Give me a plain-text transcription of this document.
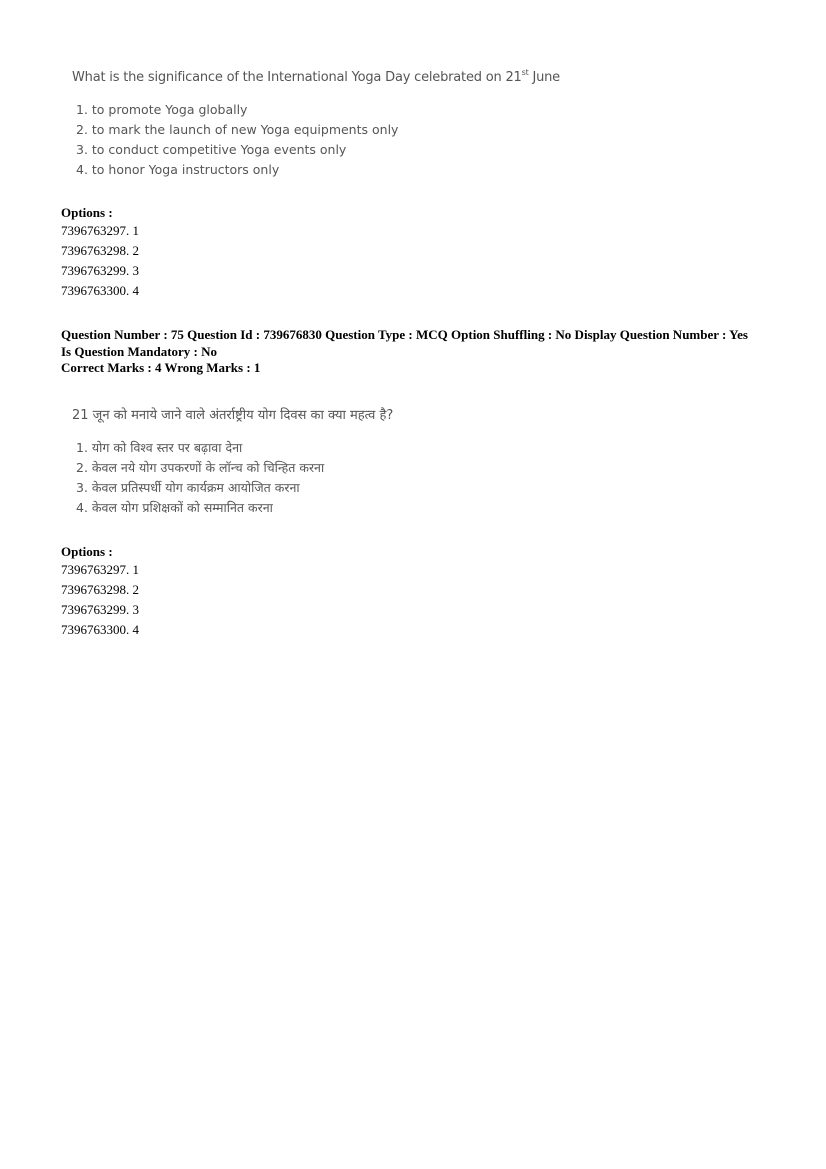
What is the significance of the International Yoga Day celebrated on 21st June
1. to promote Yoga globally
2. to mark the launch of new Yoga equipments only
3. to conduct competitive Yoga events only
4. to honor Yoga instructors only
Options :
7396763297. 1
7396763298. 2
7396763299. 3
7396763300. 4
Question Number : 75 Question Id : 739676830 Question Type : MCQ Option Shuffling : No Display Question Number : Yes
Is Question Mandatory : No
Correct Marks : 4 Wrong Marks : 1
21 जून को मनाये जाने वाले अंतर्राष्ट्रीय योग दिवस का क्या महत्व है?
1. योग को विश्व स्तर पर बढ़ावा देना
2. केवल नये योग उपकरणों के लॉन्च को चिन्हित करना
3. केवल प्रतिस्पर्धी योग कार्यक्रम आयोजित करना
4. केवल योग प्रशिक्षकों को सम्मानित करना
Options :
7396763297. 1
7396763298. 2
7396763299. 3
7396763300. 4
